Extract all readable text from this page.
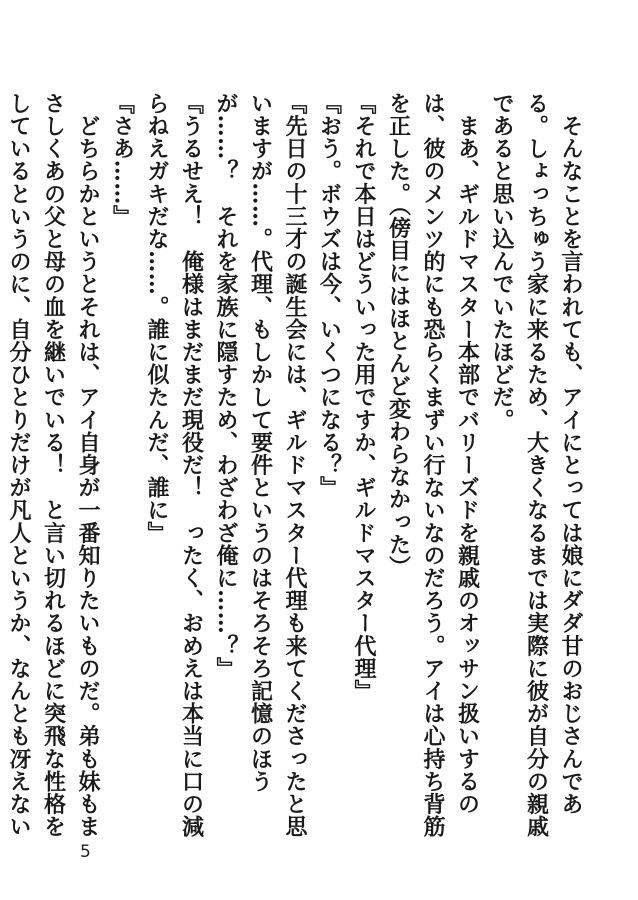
　そんなことを言われても、アイにとっては娘にダダ甘のおじさんである。しょっちゅう家に来るため、大きくなるまでは実際に彼が自分の親戚であると思い込んでいたほどだ。

　まあ、ギルドマスター本部でバリーズドを親戚のオッサン扱いするのは、彼のメンツ的にも恐らくまずい行ないなのだろう。アイは心持ち背筋を正した。（傍目にはほとんど変わらなかった）

『それで本日はどういった用ですか、ギルドマスター代理』

『おう。ボウズは今、いくつになる？』

『先日の十三才の誕生会には、ギルドマスター代理も来てくださったと思いますが……。代理、もしかして要件というのはそろそろ記憶のほうが……？　それを家族に隠すため、わざわざ俺に……？』

『うるせえ！　俺様はまだまだ現役だ！　ったく、おめえは本当に口の減らねえガキだな……。誰に似たんだ、誰に』

『さあ……』

　どちらかというとそれは、アイ自身が一番知りたいものだ。弟も妹もまさしくあの父と母の血を継いでいる！　と言い切れるほどに突飛な性格をしているというのに、自分ひとりだけが凡人というか、なんとも冴えない

5
